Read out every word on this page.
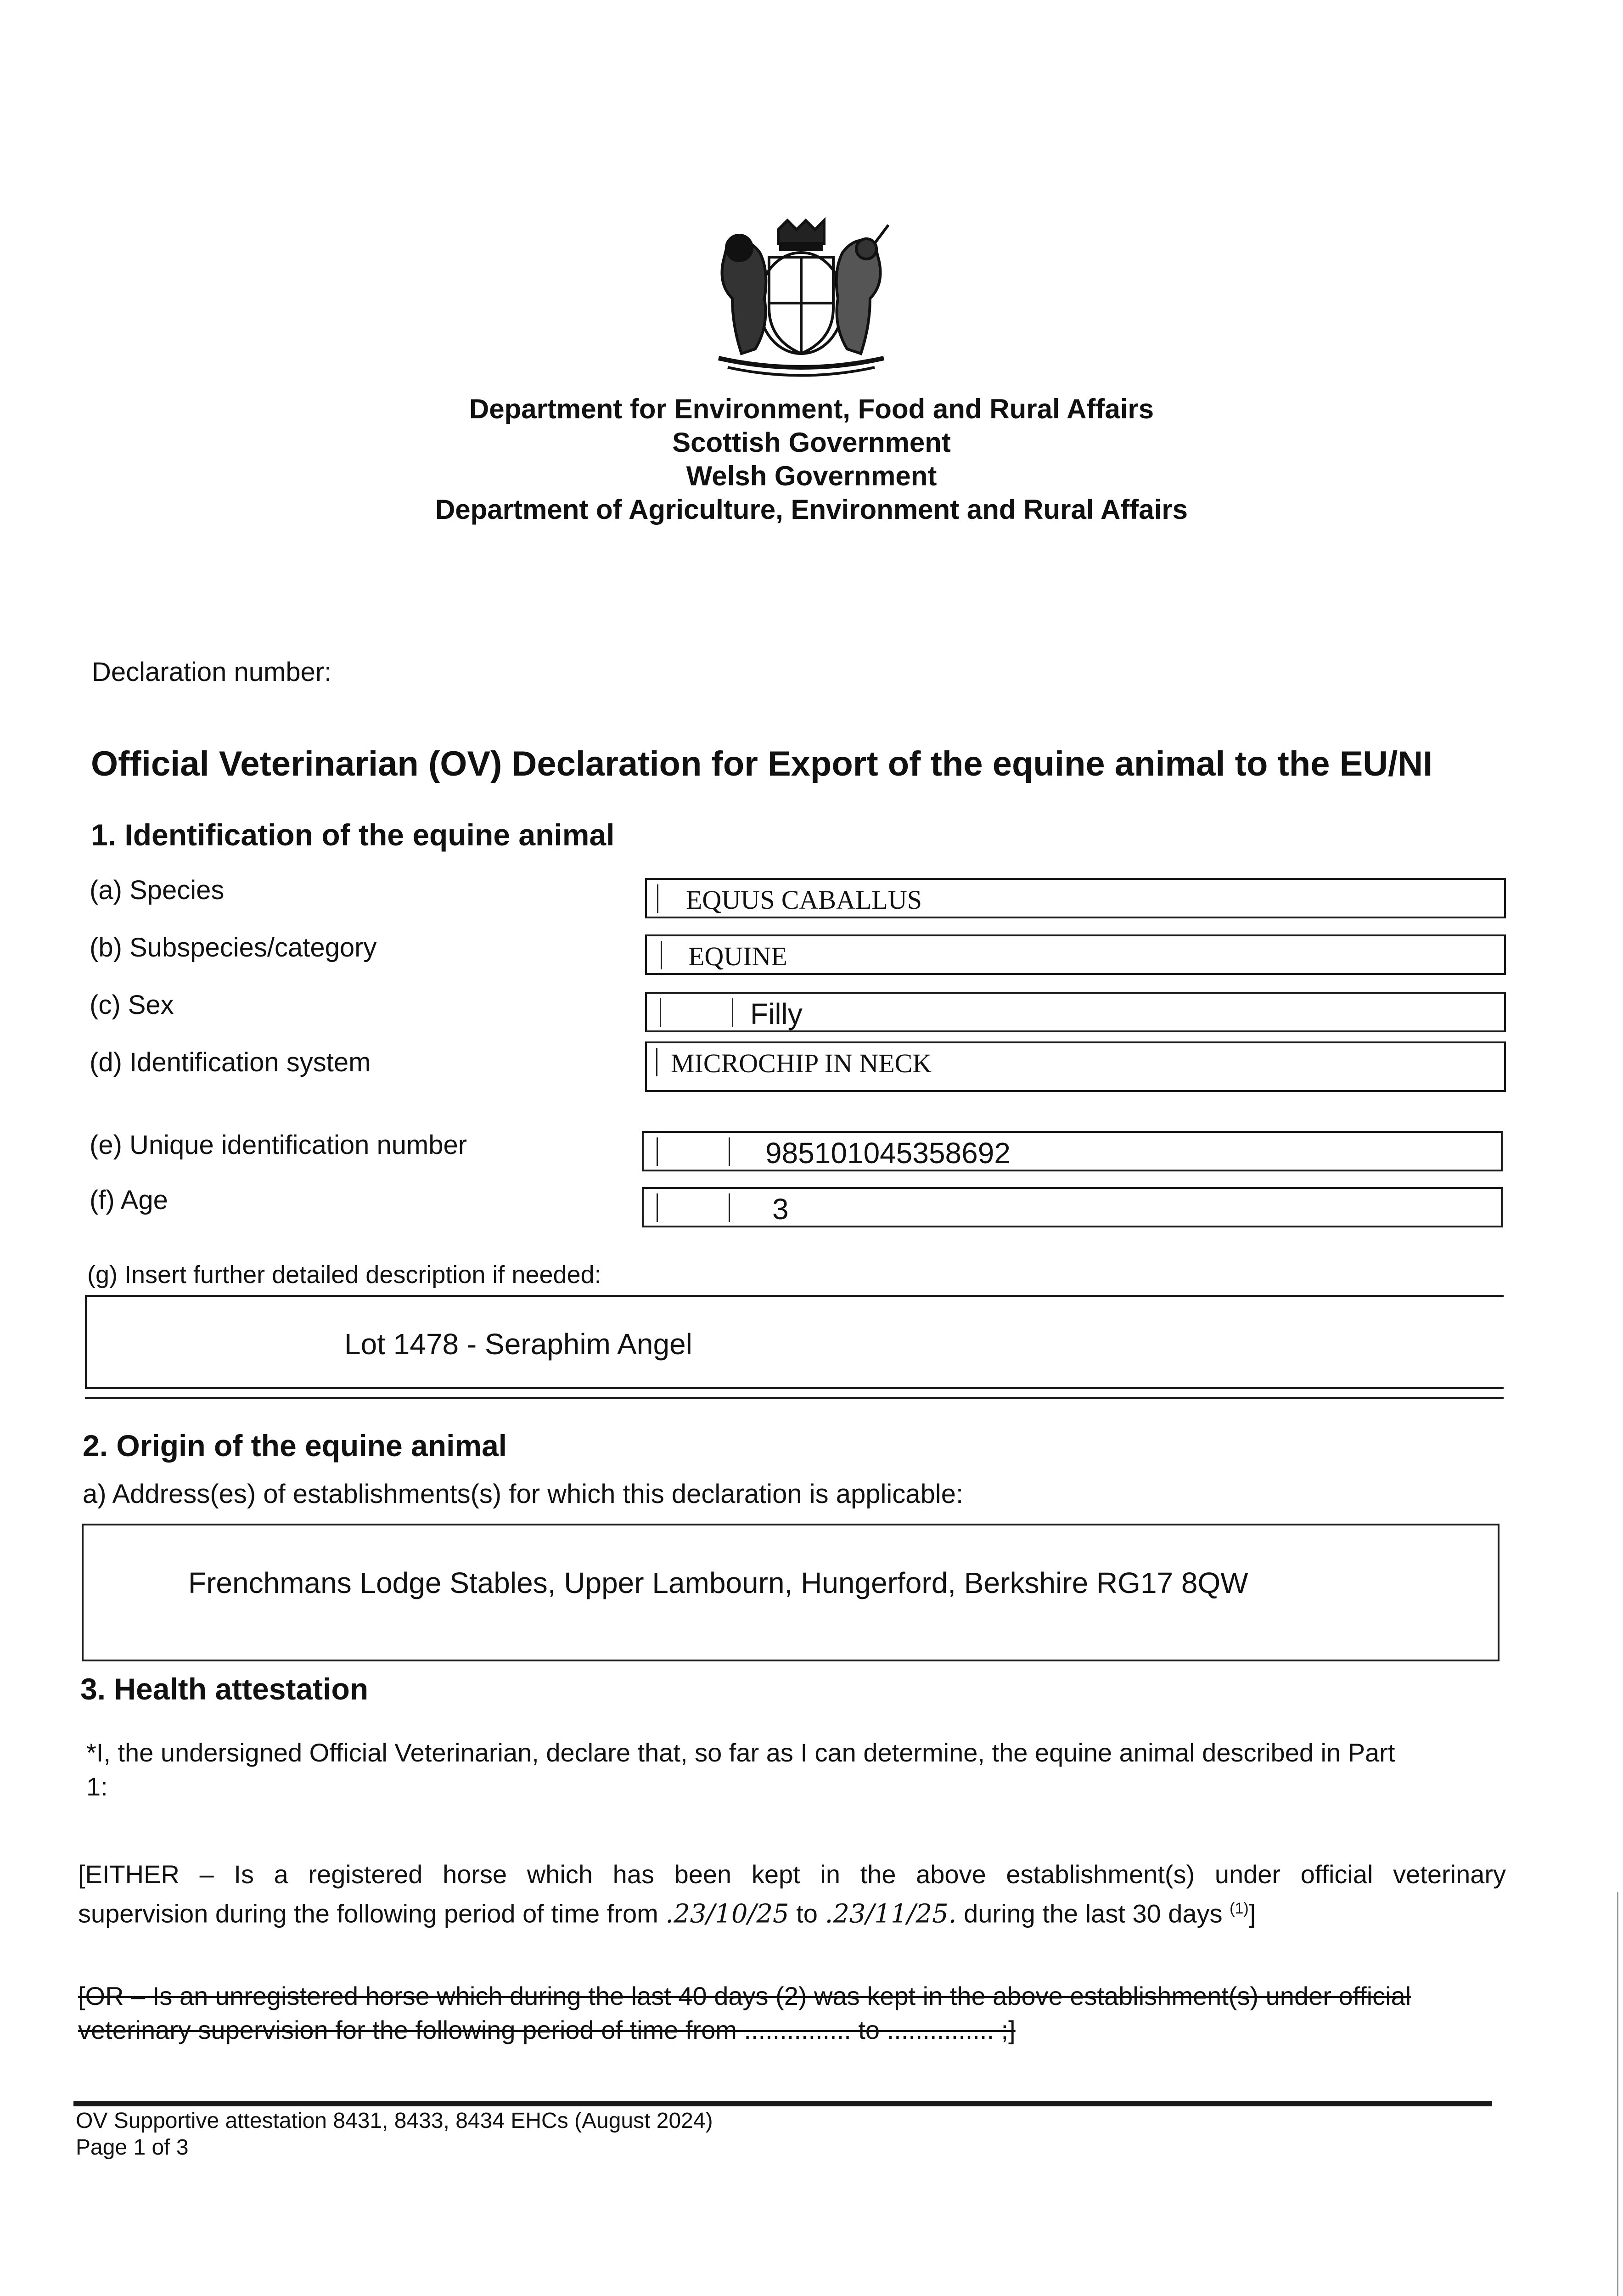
Department for Environment, Food and Rural Affairs
Scottish Government
Welsh Government
Department of Agriculture, Environment and Rural Affairs
Declaration number:
Official Veterinarian (OV) Declaration for Export of the equine animal to the EU/NI
1. Identification of the equine animal
(a) Species	EQUUS CABALLUS
(b) Subspecies/category	EQUINE
(c) Sex	Filly
(d) Identification system	MICROCHIP IN NECK
(e) Unique identification number	985101045358692
(f) Age	3
(g) Insert further detailed description if needed:
Lot 1478 - Seraphim Angel
2. Origin of the equine animal
a) Address(es) of establishments(s) for which this declaration is applicable:
Frenchmans Lodge Stables, Upper Lambourn, Hungerford, Berkshire RG17 8QW
3. Health attestation
*I, the undersigned Official Veterinarian, declare that, so far as I can determine, the equine animal described in Part
1:
[EITHER – Is a registered horse which has been kept in the above establishment(s) under official veterinary
supervision during the following period of time from .23/10/25 to .23/11/25. during the last 30 days $^{(1)}$]
[OR – Is an unregistered horse which during the last 40 days (2) was kept in the above establishment(s) under official
veterinary supervision for the following period of time from ............... to ............... ;]
OV Supportive attestation 8431, 8433, 8434 EHCs (August 2024)
Page 1 of 3
